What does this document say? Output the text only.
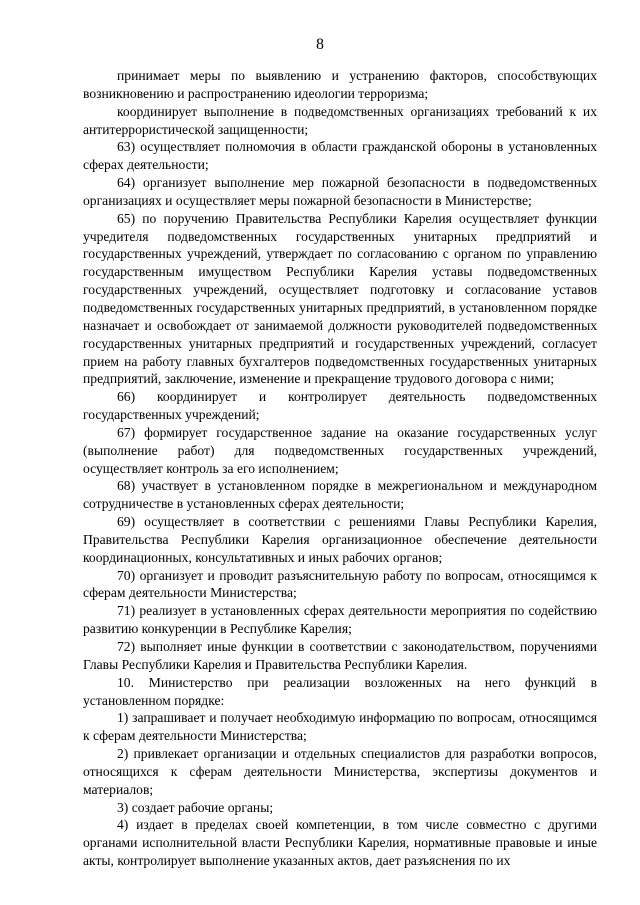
8

принимает меры по выявлению и устранению факторов, способствующих возникновению и распространению идеологии терроризма;

координирует выполнение в подведомственных организациях требований к их антитеррористической защищенности;

63) осуществляет полномочия в области гражданской обороны в установленных сферах деятельности;

64) организует выполнение мер пожарной безопасности в подведомственных организациях и осуществляет меры пожарной безопасности в Министерстве;

65) по поручению Правительства Республики Карелия осуществляет функции учредителя подведомственных государственных унитарных предприятий и государственных учреждений, утверждает по согласованию с органом по управлению государственным имуществом Республики Карелия уставы подведомственных государственных учреждений, осуществляет подготовку и согласование уставов подведомственных государственных унитарных предприятий, в установленном порядке назначает и освобождает от занимаемой должности руководителей подведомственных государственных унитарных предприятий и государственных учреждений, согласует прием на работу главных бухгалтеров подведомственных государственных унитарных предприятий, заключение, изменение и прекращение трудового договора с ними;

66) координирует и контролирует деятельность подведомственных государственных учреждений;

67) формирует государственное задание на оказание государственных услуг (выполнение работ) для подведомственных государственных учреждений, осуществляет контроль за его исполнением;

68) участвует в установленном порядке в межрегиональном и международном сотрудничестве в установленных сферах деятельности;

69) осуществляет в соответствии с решениями Главы Республики Карелия, Правительства Республики Карелия организационное обеспечение деятельности координационных, консультативных и иных рабочих органов;

70) организует и проводит разъяснительную работу по вопросам, относящимся к сферам деятельности Министерства;

71) реализует в установленных сферах деятельности мероприятия по содействию развитию конкуренции в Республике Карелия;

72) выполняет иные функции в соответствии с законодательством, поручениями Главы Республики Карелия и Правительства Республики Карелия.

10. Министерство при реализации возложенных на него функций в установленном порядке:

1) запрашивает и получает необходимую информацию по вопросам, относящимся к сферам деятельности Министерства;

2) привлекает организации и отдельных специалистов для разработки вопросов, относящихся к сферам деятельности Министерства, экспертизы документов и материалов;

3) создает рабочие органы;

4) издает в пределах своей компетенции, в том числе совместно с другими органами исполнительной власти Республики Карелия, нормативные правовые и иные акты, контролирует выполнение указанных актов, дает разъяснения по их
